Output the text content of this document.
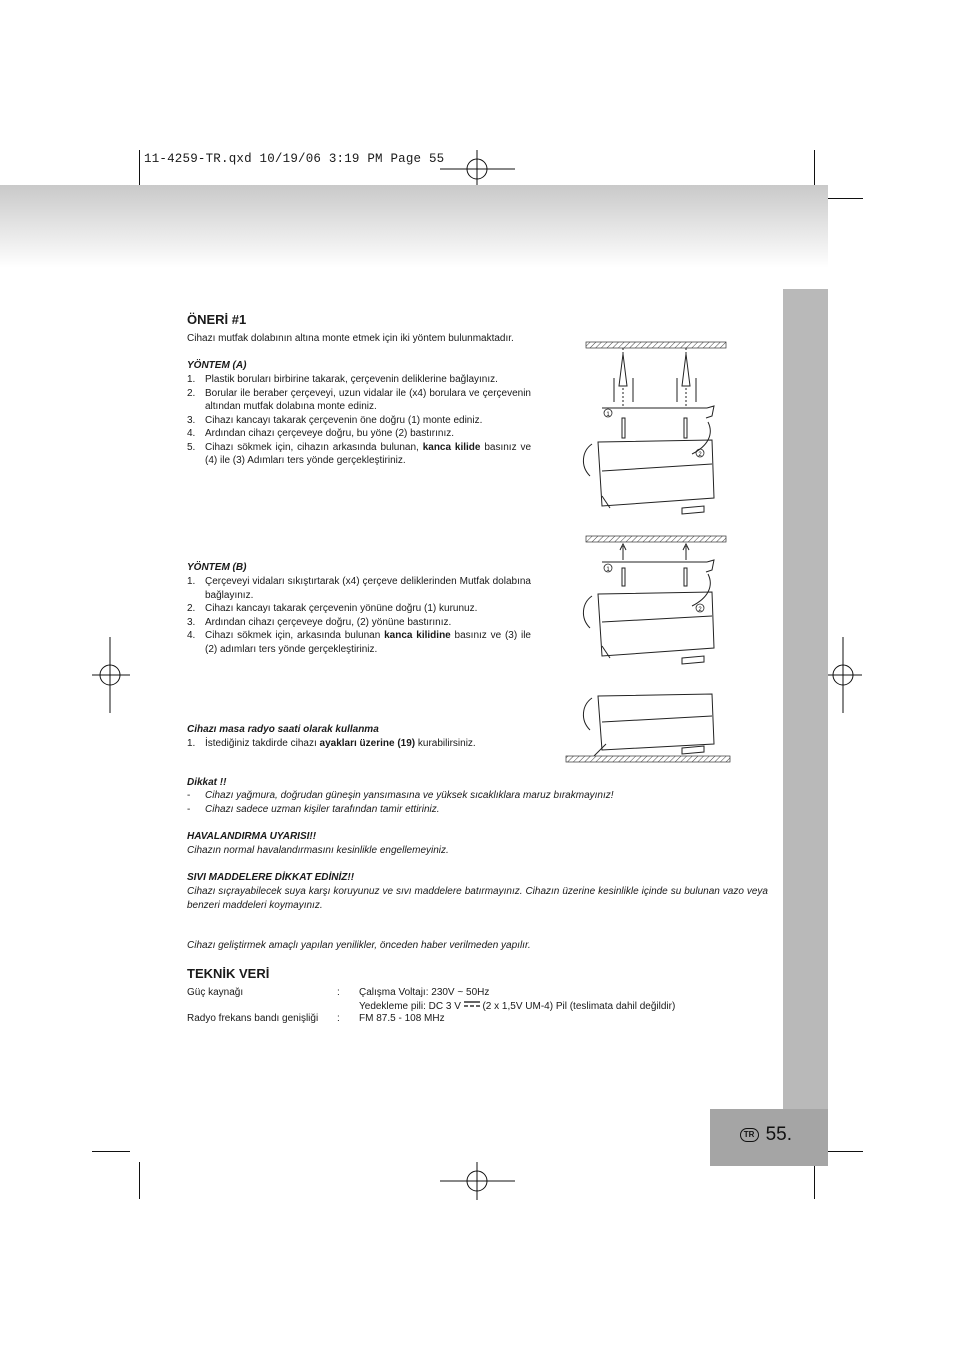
11-4259-TR.qxd 10/19/06 3:19 PM Page 55
TR 55.
ÖNERİ #1
Cihazı mutfak dolabının altına monte etmek için iki yöntem bulunmaktadır.
YÖNTEM (A)
1. Plastik boruları birbirine takarak, çerçevenin deliklerine bağlayınız.
2. Borular ile beraber çerçeveyi, uzun vidalar ile (x4) borulara ve çerçevenin altından mutfak dolabına monte ediniz.
3. Cihazı kancayı takarak çerçevenin öne doğru (1) monte ediniz.
4. Ardından cihazı çerçeveye doğru, bu yöne (2) bastırınız.
5. Cihazı sökmek için, cihazın arkasında bulunan, kanca kilide basınız ve (4) ile (3) Adımları ters yönde gerçekleştiriniz.
YÖNTEM (B)
1. Çerçeveyi vidaları sıkıştırtarak (x4) çerçeve deliklerinden Mutfak dolabına bağlayınız.
2. Cihazı kancayı takarak çerçevenin yönüne doğru (1) kurunuz.
3. Ardından cihazı çerçeveye doğru, (2) yönüne bastırınız.
4. Cihazı sökmek için, arkasında bulunan kanca kilidine basınız ve (3) ile (2) adımları ters yönde gerçekleştiriniz.
Cihazı masa radyo saati olarak kullanma
1. İstediğiniz takdirde cihazı ayakları üzerine (19) kurabilirsiniz.
Dikkat !!
- Cihazı yağmura, doğrudan güneşin yansımasına ve yüksek sıcaklıklara maruz bırakmayınız!
- Cihazı sadece uzman kişiler tarafından tamir ettiriniz.
HAVALANDIRMA UYARISI!!
Cihazın normal havalandırmasını kesinlikle engellemeyiniz.
SIVI MADDELERE DİKKAT EDİNİZ!!
Cihazı sıçrayabilecek suya karşı koruyunuz ve sıvı maddelere batırmayınız. Cihazın üzerine kesinlikle içinde su bulunan vazo veya benzeri maddeleri koymayınız.
Cihazı geliştirmek amaçlı yapılan yenilikler, önceden haber verilmeden yapılır.
TEKNİK VERİ
Güç kaynağı	: Çalışma Voltajı: 230V ~ 50Hz
Yedekleme pili: DC 3 V (2 x 1,5V UM-4) Pil (teslimata dahil değildir)
Radyo frekans bandı genişliği : FM 87.5 - 108 MHz
1
2
1
2
